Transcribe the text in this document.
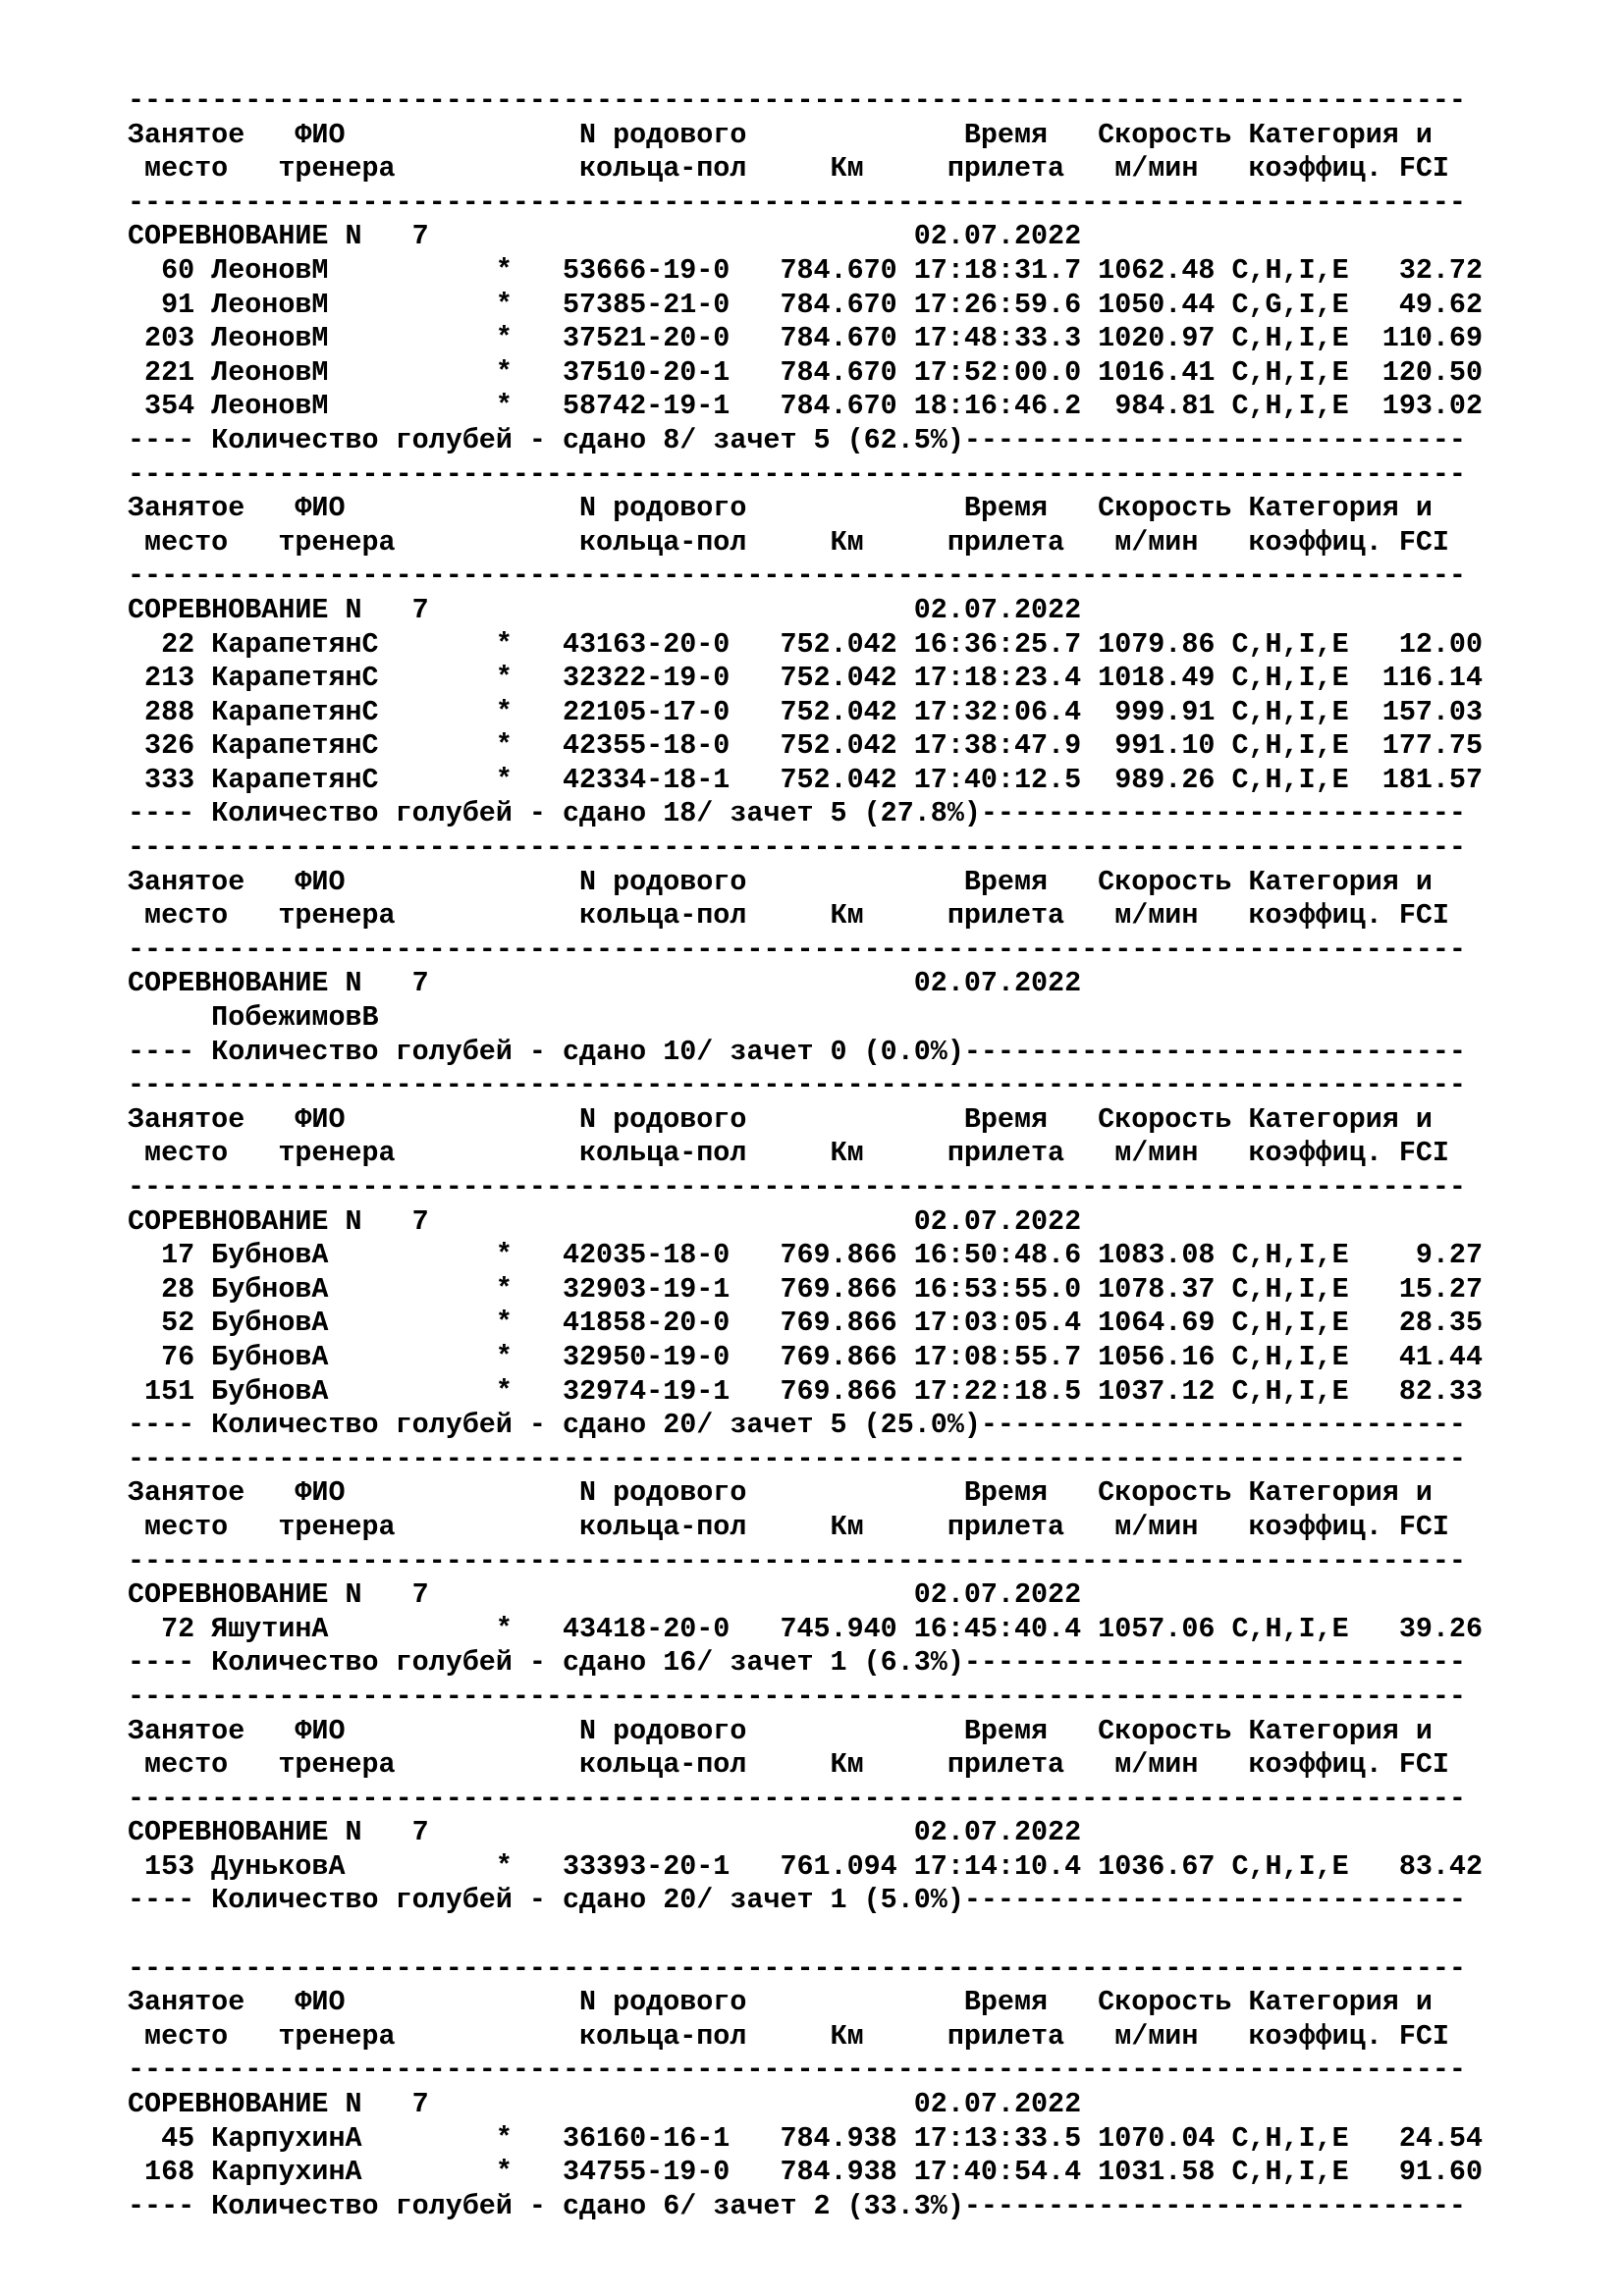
--------------------------------------------------------------------------------
Занятое   ФИО              N родового             Время   Скорость Категория и
место   тренера           кольца-пол     Км     прилета   м/мин   коэффиц. FCI
--------------------------------------------------------------------------------
СОРЕВНОВАНИЕ N   7                             02.07.2022
60 ЛеоновМ          *   53666-19-0   784.670 17:18:31.7 1062.48 C,H,I,E   32.72
91 ЛеоновМ          *   57385-21-0   784.670 17:26:59.6 1050.44 C,G,I,E   49.62
203 ЛеоновМ          *   37521-20-0   784.670 17:48:33.3 1020.97 C,H,I,E  110.69
221 ЛеоновМ          *   37510-20-1   784.670 17:52:00.0 1016.41 C,H,I,E  120.50
354 ЛеоновМ          *   58742-19-1   784.670 18:16:46.2  984.81 C,H,I,E  193.02
---- Количество голубей - сдано 8/ зачет 5 (62.5%)------------------------------
--------------------------------------------------------------------------------
Занятое   ФИО              N родового             Время   Скорость Категория и
место   тренера           кольца-пол     Км     прилета   м/мин   коэффиц. FCI
--------------------------------------------------------------------------------
СОРЕВНОВАНИЕ N   7                             02.07.2022
22 КарапетянС       *   43163-20-0   752.042 16:36:25.7 1079.86 C,H,I,E   12.00
213 КарапетянС       *   32322-19-0   752.042 17:18:23.4 1018.49 C,H,I,E  116.14
288 КарапетянС       *   22105-17-0   752.042 17:32:06.4  999.91 C,H,I,E  157.03
326 КарапетянС       *   42355-18-0   752.042 17:38:47.9  991.10 C,H,I,E  177.75
333 КарапетянС       *   42334-18-1   752.042 17:40:12.5  989.26 C,H,I,E  181.57
---- Количество голубей - сдано 18/ зачет 5 (27.8%)-----------------------------
--------------------------------------------------------------------------------
Занятое   ФИО              N родового             Время   Скорость Категория и
место   тренера           кольца-пол     Км     прилета   м/мин   коэффиц. FCI
--------------------------------------------------------------------------------
СОРЕВНОВАНИЕ N   7                             02.07.2022
ПобежимовВ
---- Количество голубей - сдано 10/ зачет 0 (0.0%)------------------------------
--------------------------------------------------------------------------------
Занятое   ФИО              N родового             Время   Скорость Категория и
место   тренера           кольца-пол     Км     прилета   м/мин   коэффиц. FCI
--------------------------------------------------------------------------------
СОРЕВНОВАНИЕ N   7                             02.07.2022
17 БубновА          *   42035-18-0   769.866 16:50:48.6 1083.08 C,H,I,E    9.27
28 БубновА          *   32903-19-1   769.866 16:53:55.0 1078.37 C,H,I,E   15.27
52 БубновА          *   41858-20-0   769.866 17:03:05.4 1064.69 C,H,I,E   28.35
76 БубновА          *   32950-19-0   769.866 17:08:55.7 1056.16 C,H,I,E   41.44
151 БубновА          *   32974-19-1   769.866 17:22:18.5 1037.12 C,H,I,E   82.33
---- Количество голубей - сдано 20/ зачет 5 (25.0%)-----------------------------
--------------------------------------------------------------------------------
Занятое   ФИО              N родового             Время   Скорость Категория и
место   тренера           кольца-пол     Км     прилета   м/мин   коэффиц. FCI
--------------------------------------------------------------------------------
СОРЕВНОВАНИЕ N   7                             02.07.2022
72 ЯшутинА          *   43418-20-0   745.940 16:45:40.4 1057.06 C,H,I,E   39.26
---- Количество голубей - сдано 16/ зачет 1 (6.3%)------------------------------
--------------------------------------------------------------------------------
Занятое   ФИО              N родового             Время   Скорость Категория и
место   тренера           кольца-пол     Км     прилета   м/мин   коэффиц. FCI
--------------------------------------------------------------------------------
СОРЕВНОВАНИЕ N   7                             02.07.2022
153 ДуньковА         *   33393-20-1   761.094 17:14:10.4 1036.67 C,H,I,E   83.42
---- Количество голубей - сдано 20/ зачет 1 (5.0%)------------------------------
--------------------------------------------------------------------------------
Занятое   ФИО              N родового             Время   Скорость Категория и
место   тренера           кольца-пол     Км     прилета   м/мин   коэффиц. FCI
--------------------------------------------------------------------------------
СОРЕВНОВАНИЕ N   7                             02.07.2022
45 КарпухинА        *   36160-16-1   784.938 17:13:33.5 1070.04 C,H,I,E   24.54
168 КарпухинА        *   34755-19-0   784.938 17:40:54.4 1031.58 C,H,I,E   91.60
---- Количество голубей - сдано 6/ зачет 2 (33.3%)------------------------------
